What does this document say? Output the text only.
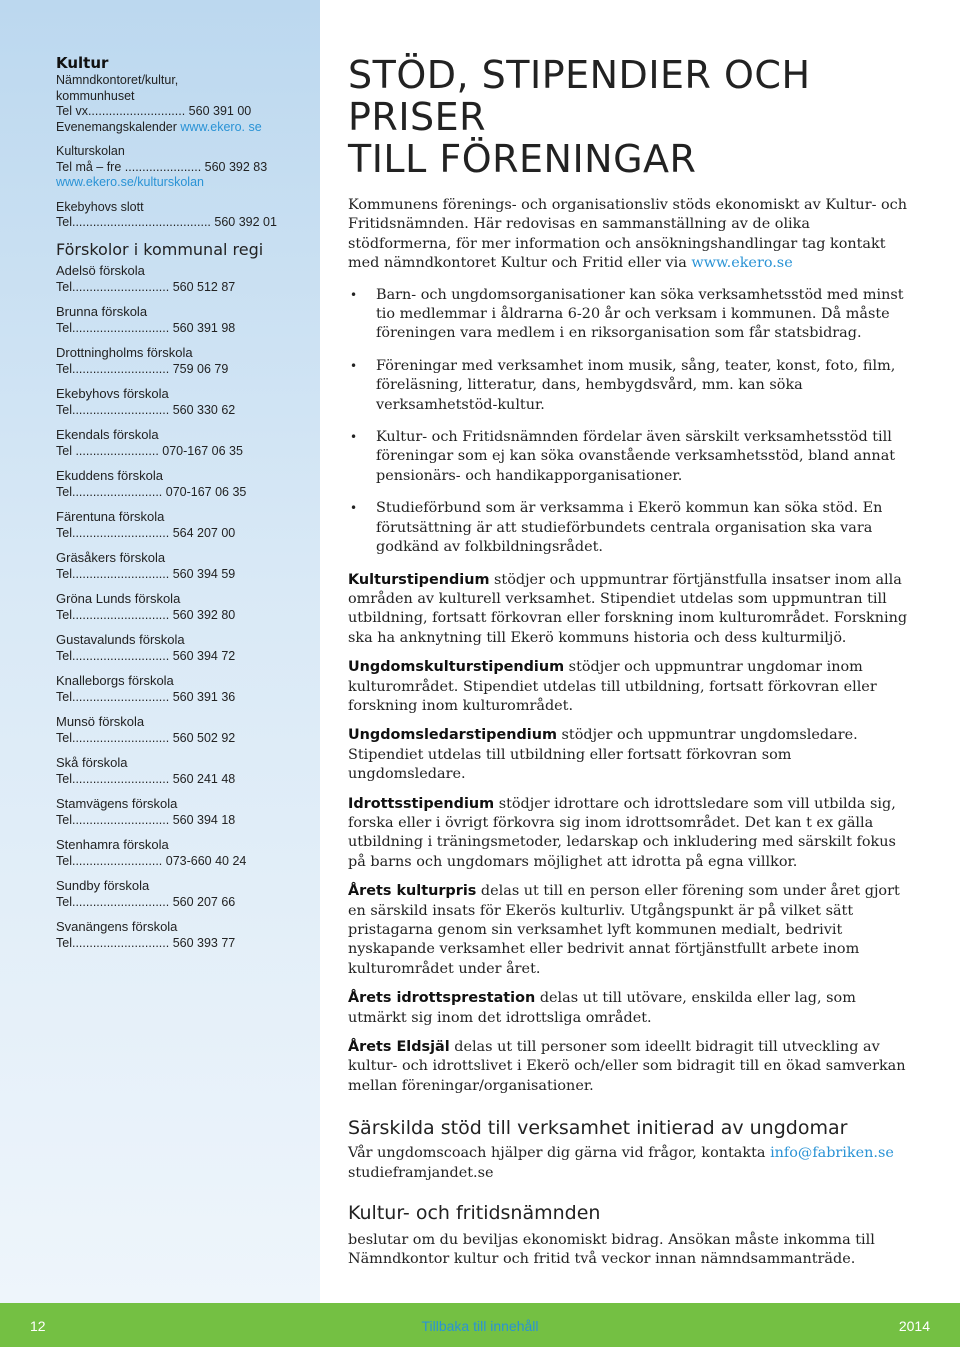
Kultur
Nämndkontoret/kultur,
kommunhuset
Tel vx............................ 560 391 00
Evenemangskalender www.ekero. se
Kulturskolan
Tel må – fre ...................... 560 392 83
www.ekero.se/kulturskolan
Ekebyhovs slott
Tel........................................ 560 392 01
Förskolor i kommunal regi
Adelsö förskola
Tel............................ 560 512 87
Brunna förskola
Tel............................ 560 391 98
Drottningholms förskola
Tel............................ 759 06 79
Ekebyhovs förskola
Tel............................ 560 330 62
Ekendals förskola
Tel ........................ 070-167 06 35
Ekuddens förskola
Tel.......................... 070-167 06 35
Färentuna förskola
Tel............................ 564 207 00
Gräsåkers förskola
Tel............................ 560 394 59
Gröna Lunds förskola
Tel............................ 560 392 80
Gustavalunds förskola
Tel............................ 560 394 72
Knalleborgs förskola
Tel............................ 560 391 36
Munsö förskola
Tel............................ 560 502 92
Skå förskola
Tel............................ 560 241 48
Stamvägens förskola
Tel............................ 560 394 18
Stenhamra förskola
Tel.......................... 073-660 40 24
Sundby förskola
Tel............................ 560 207 66
Svanängens förskola
Tel............................ 560 393 77
STÖD, STIPENDIER OCH PRISER
TILL FÖRENINGAR

Kommunens förenings- och organisationsliv stöds ekonomiskt av Kultur- och Fritidsnämnden. Här redovisas en sammanställning av de olika stödformerna, för mer information och ansökningshandlingar tag kontakt med nämndkontoret Kultur och Fritid eller via www.ekero.se

• Barn- och ungdomsorganisationer kan söka verksamhetsstöd med minst tio medlemmar i åldrarna 6-20 år och verksam i kommunen. Då måste föreningen vara medlem i en riksorganisation som får statsbidrag.
• Föreningar med verksamhet inom musik, sång, teater, konst, foto, film, föreläsning, litteratur, dans, hembygdsvård, mm. kan söka verksamhetstöd-kultur.
• Kultur- och Fritidsnämnden fördelar även särskilt verksamhetsstöd till föreningar som ej kan söka ovanstående verksamhetsstöd, bland annat pensionärs- och handikapporganisationer.
• Studieförbund som är verksamma i Ekerö kommun kan söka stöd. En förutsättning är att studieförbundets centrala organisation ska vara godkänd av folkbildningsrådet.

Kulturstipendium stödjer och uppmuntrar förtjänstfulla insatser inom alla områden av kulturell verksamhet. Stipendiet utdelas som uppmuntran till utbildning, fortsatt förkovran eller forskning inom kulturområdet. Forskning ska ha anknytning till Ekerö kommuns historia och dess kulturmiljö.

Ungdomskulturstipendium stödjer och uppmuntrar ungdomar inom kulturområdet. Stipendiet utdelas till utbildning, fortsatt förkovran eller forskning inom kulturområdet.

Ungdomsledarstipendium stödjer och uppmuntrar ungdomsledare. Stipendiet utdelas till utbildning eller fortsatt förkovran som ungdomsledare.

Idrottsstipendium stödjer idrottare och idrottsledare som vill utbilda sig, forska eller i övrigt förkovra sig inom idrottsområdet. Det kan t ex gälla utbildning i träningsmetoder, ledarskap och inkludering med särskilt fokus på barns och ungdomars möjlighet att idrotta på egna villkor.

Årets kulturpris delas ut till en person eller förening som under året gjort en särskild insats för Ekerös kulturliv. Utgångspunkt är på vilket sätt pristagarna genom sin verksamhet lyft kommunen medialt, bedrivit nyskapande verksamhet eller bedrivit annat förtjänstfullt arbete inom kulturområdet under året.

Årets idrottsprestation delas ut till utövare, enskilda eller lag, som utmärkt sig inom det idrottsliga området.

Årets Eldsjäl delas ut till personer som ideellt bidragit till utveckling av kultur- och idrottslivet i Ekerö och/eller som bidragit till en ökad samverkan mellan föreningar/organisationer.

Särskilda stöd till verksamhet initierad av ungdomar

Vår ungdomscoach hjälper dig gärna vid frågor, kontakta info@fabriken.se studieframjandet.se

Kultur- och fritidsnämnden

beslutar om du beviljas ekonomiskt bidrag. Ansökan måste inkomma till Nämndkontor kultur och fritid två veckor innan nämndsammanträde.

12	Tillbaka till innehåll	2014
